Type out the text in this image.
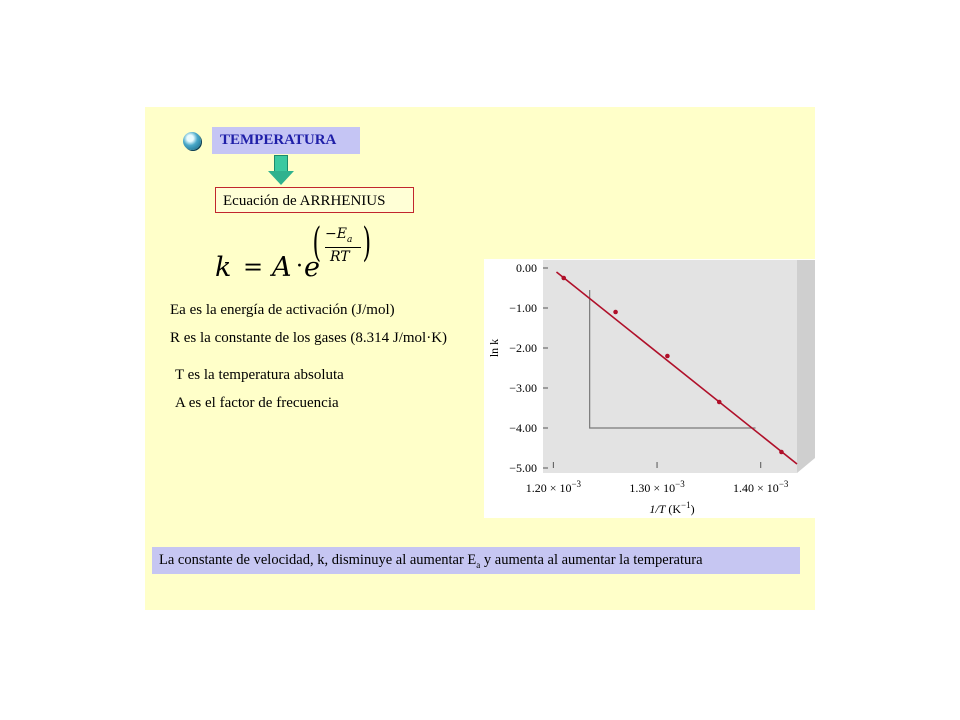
TEMPERATURA
Ecuación de ARRHENIUS
k = A · e
( $-E_a$
RT )
Ea es la energía de activación (J/mol)
R es la constante de los gases (8.314 J/mol·K)
T es la temperatura absoluta
A es el factor de frecuencia
0.00
−1.00
−2.00
−3.00
−4.00
−5.00
$1.20 \times 10^{-3}$	$1.30 \times 10^{-3}$	$1.40 \times 10^{-3}$
ln k
1/T $(K^{-1})$
La constante de velocidad, k, disminuye al aumentar $E_a$ y aumenta al aumentar la temperatura
